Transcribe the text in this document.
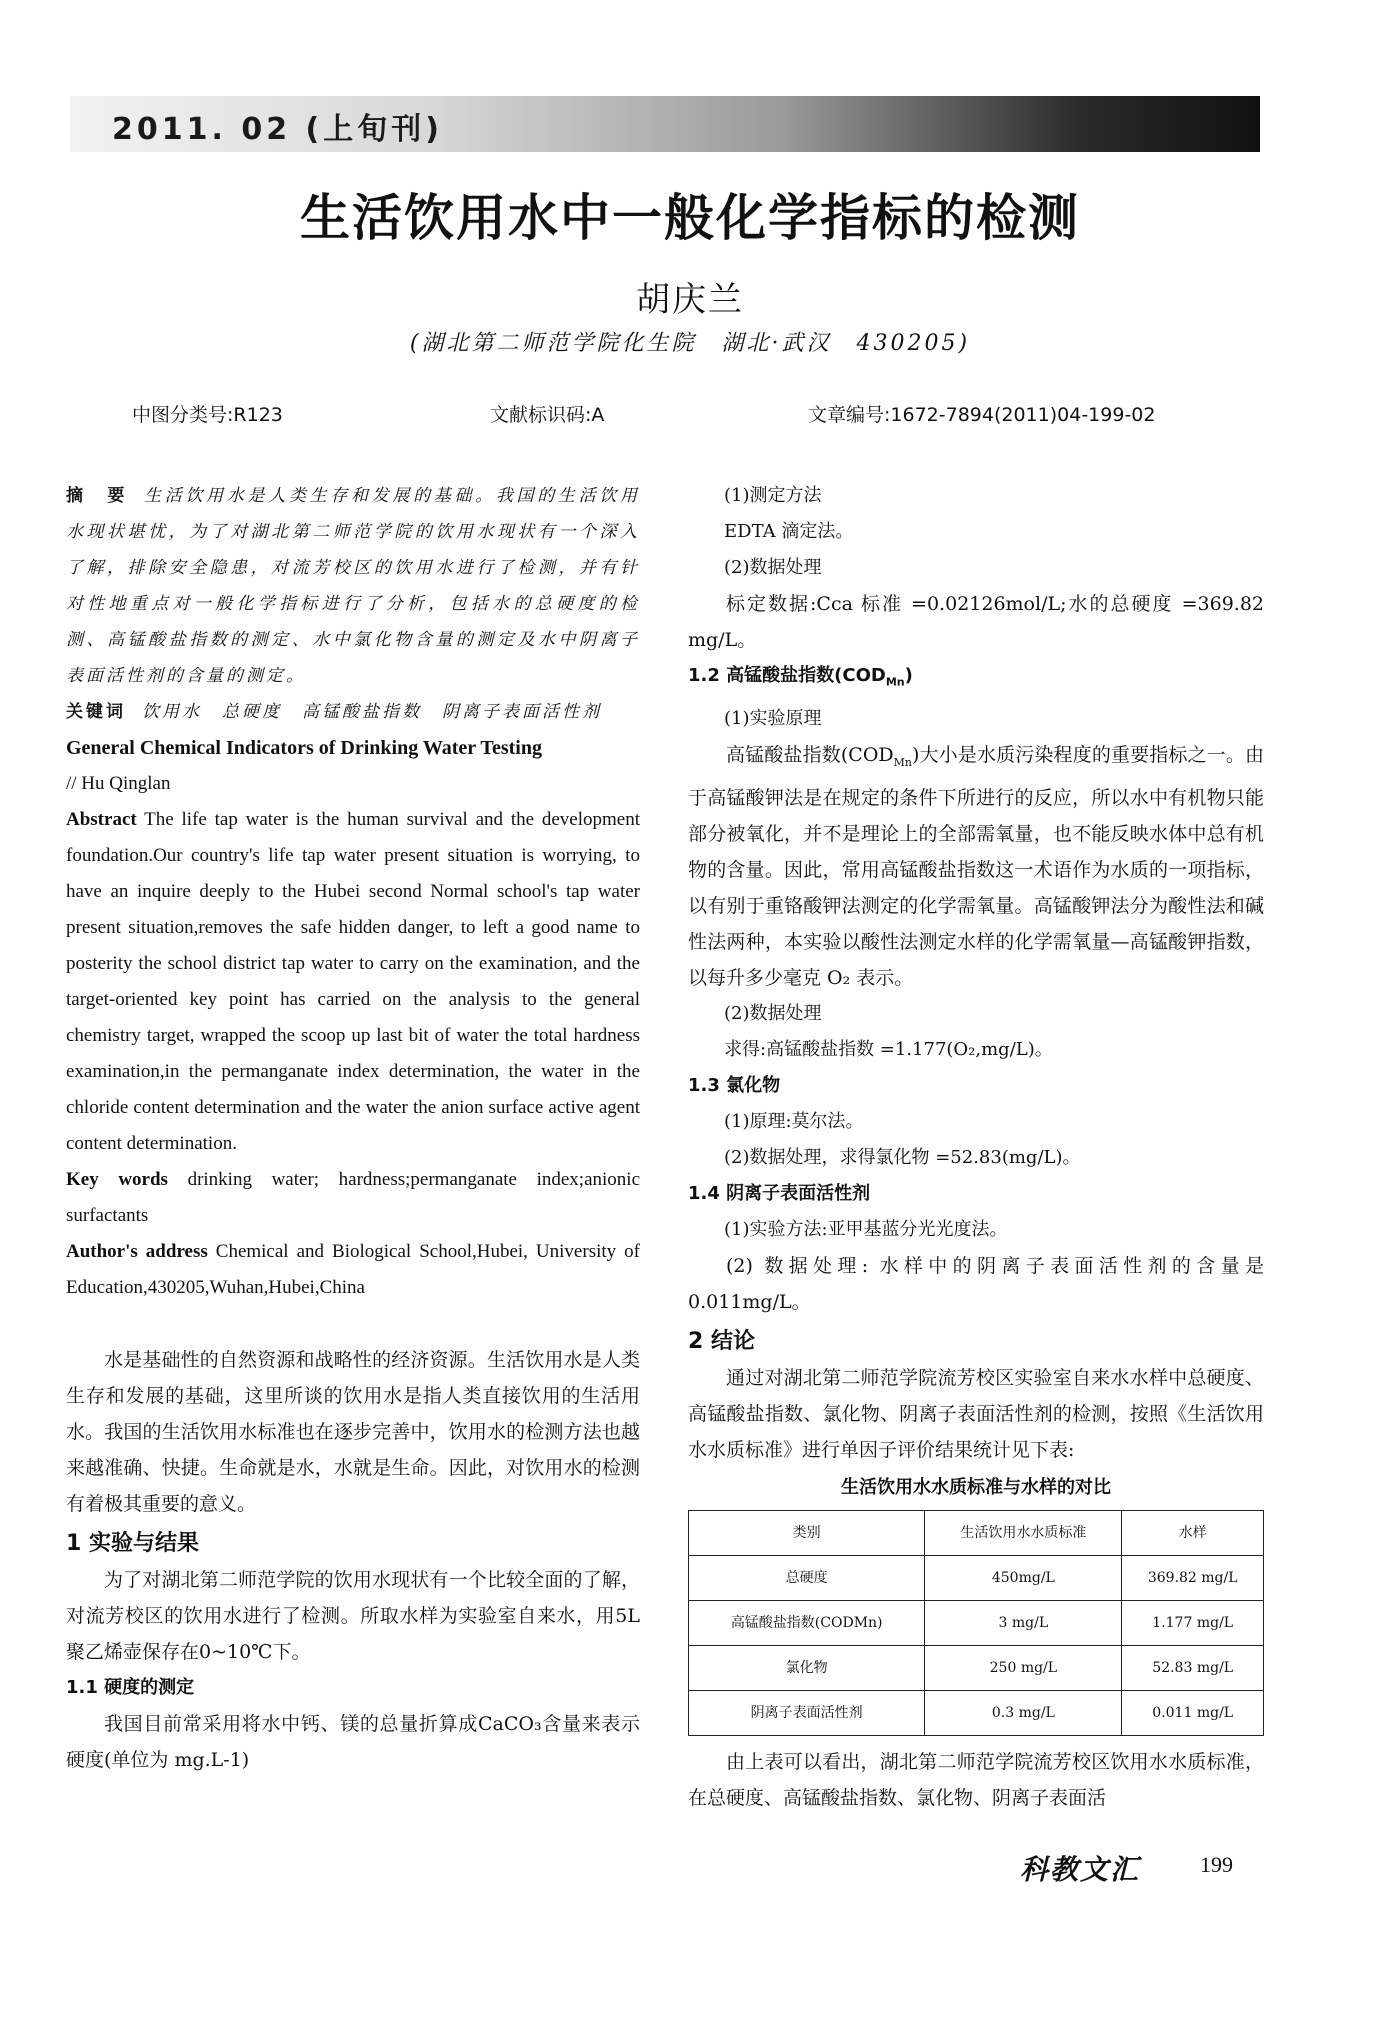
2011. 02 (上旬刊)
生活饮用水中一般化学指标的检测
胡庆兰
(湖北第二师范学院化生院　湖北·武汉　430205)
中图分类号:R123	文献标识码:A	文章编号:1672-7894(2011)04-199-02

摘　要 生活饮用水是人类生存和发展的基础。我国的生活饮用水现状堪忧，为了对湖北第二师范学院的饮用水现状有一个深入了解，排除安全隐患，对流芳校区的饮用水进行了检测，并有针对性地重点对一般化学指标进行了分析，包括水的总硬度的检测、高锰酸盐指数的测定、水中氯化物含量的测定及水中阴离子表面活性剂的含量的测定。

关键词 饮用水　总硬度　高锰酸盐指数　阴离子表面活性剂

General Chemical Indicators of Drinking Water Testing

// Hu Qinglan

Abstract The life tap water is the human survival and the development foundation.Our country's life tap water present situation is worrying, to have an inquire deeply to the Hubei second Normal school's tap water present situation,removes the safe hidden danger, to left a good name to posterity the school district tap water to carry on the examination, and the target-oriented key point has carried on the analysis to the general chemistry target, wrapped the scoop up last bit of water the total hardness examination,in the permanganate index determination, the water in the chloride content determination and the water the anion surface active agent content determination.

Key words drinking water; hardness;permanganate index;anionic surfactants

Author's address Chemical and Biological School,Hubei, University of Education,430205,Wuhan,Hubei,China

水是基础性的自然资源和战略性的经济资源。生活饮用水是人类生存和发展的基础，这里所谈的饮用水是指人类直接饮用的生活用水。我国的生活饮用水标准也在逐步完善中，饮用水的检测方法也越来越准确、快捷。生命就是水，水就是生命。因此，对饮用水的检测有着极其重要的意义。

1 实验与结果

为了对湖北第二师范学院的饮用水现状有一个比较全面的了解，对流芳校区的饮用水进行了检测。所取水样为实验室自来水，用5L聚乙烯壶保存在0~10℃下。

1.1 硬度的测定

我国目前常采用将水中钙、镁的总量折算成CaCO₃含量来表示硬度(单位为 mg.L-1)

(1)测定方法

EDTA 滴定法。

(2)数据处理

标定数据:Cca 标准 =0.02126mol/L;水的总硬度 =369.82 mg/L。

1.2 高锰酸盐指数$(COD_{Mn})$

(1)实验原理

高锰酸盐指数$(COD_{Mn})$大小是水质污染程度的重要指标之一。由于高锰酸钾法是在规定的条件下所进行的反应，所以水中有机物只能部分被氧化，并不是理论上的全部需氧量，也不能反映水体中总有机物的含量。因此，常用高锰酸盐指数这一术语作为水质的一项指标，以有别于重铬酸钾法测定的化学需氧量。高锰酸钾法分为酸性法和碱性法两种，本实验以酸性法测定水样的化学需氧量—高锰酸钾指数，以每升多少毫克 O₂ 表示。

(2)数据处理

求得:高锰酸盐指数 =1.177(O₂,mg/L)。

1.3 氯化物

(1)原理:莫尔法。

(2)数据处理，求得氯化物 =52.83(mg/L)。

1.4 阴离子表面活性剂

(1)实验方法:亚甲基蓝分光光度法。

(2) 数据处理: 水样中的阴离子表面活性剂的含量是 0.011mg/L。

2 结论

通过对湖北第二师范学院流芳校区实验室自来水水样中总硬度、高锰酸盐指数、氯化物、阴离子表面活性剂的检测，按照《生活饮用水水质标准》进行单因子评价结果统计见下表:

生活饮用水水质标准与水样的对比

类别	生活饮用水水质标准	水样
总硬度	450mg/L	369.82 mg/L
高锰酸盐指数(CODMn)	3 mg/L	1.177 mg/L
氯化物	250 mg/L	52.83 mg/L
阴离子表面活性剂	0.3 mg/L	0.011 mg/L

由上表可以看出，湖北第二师范学院流芳校区饮用水水质标准，在总硬度、高锰酸盐指数、氯化物、阴离子表面活

科教文汇	199
